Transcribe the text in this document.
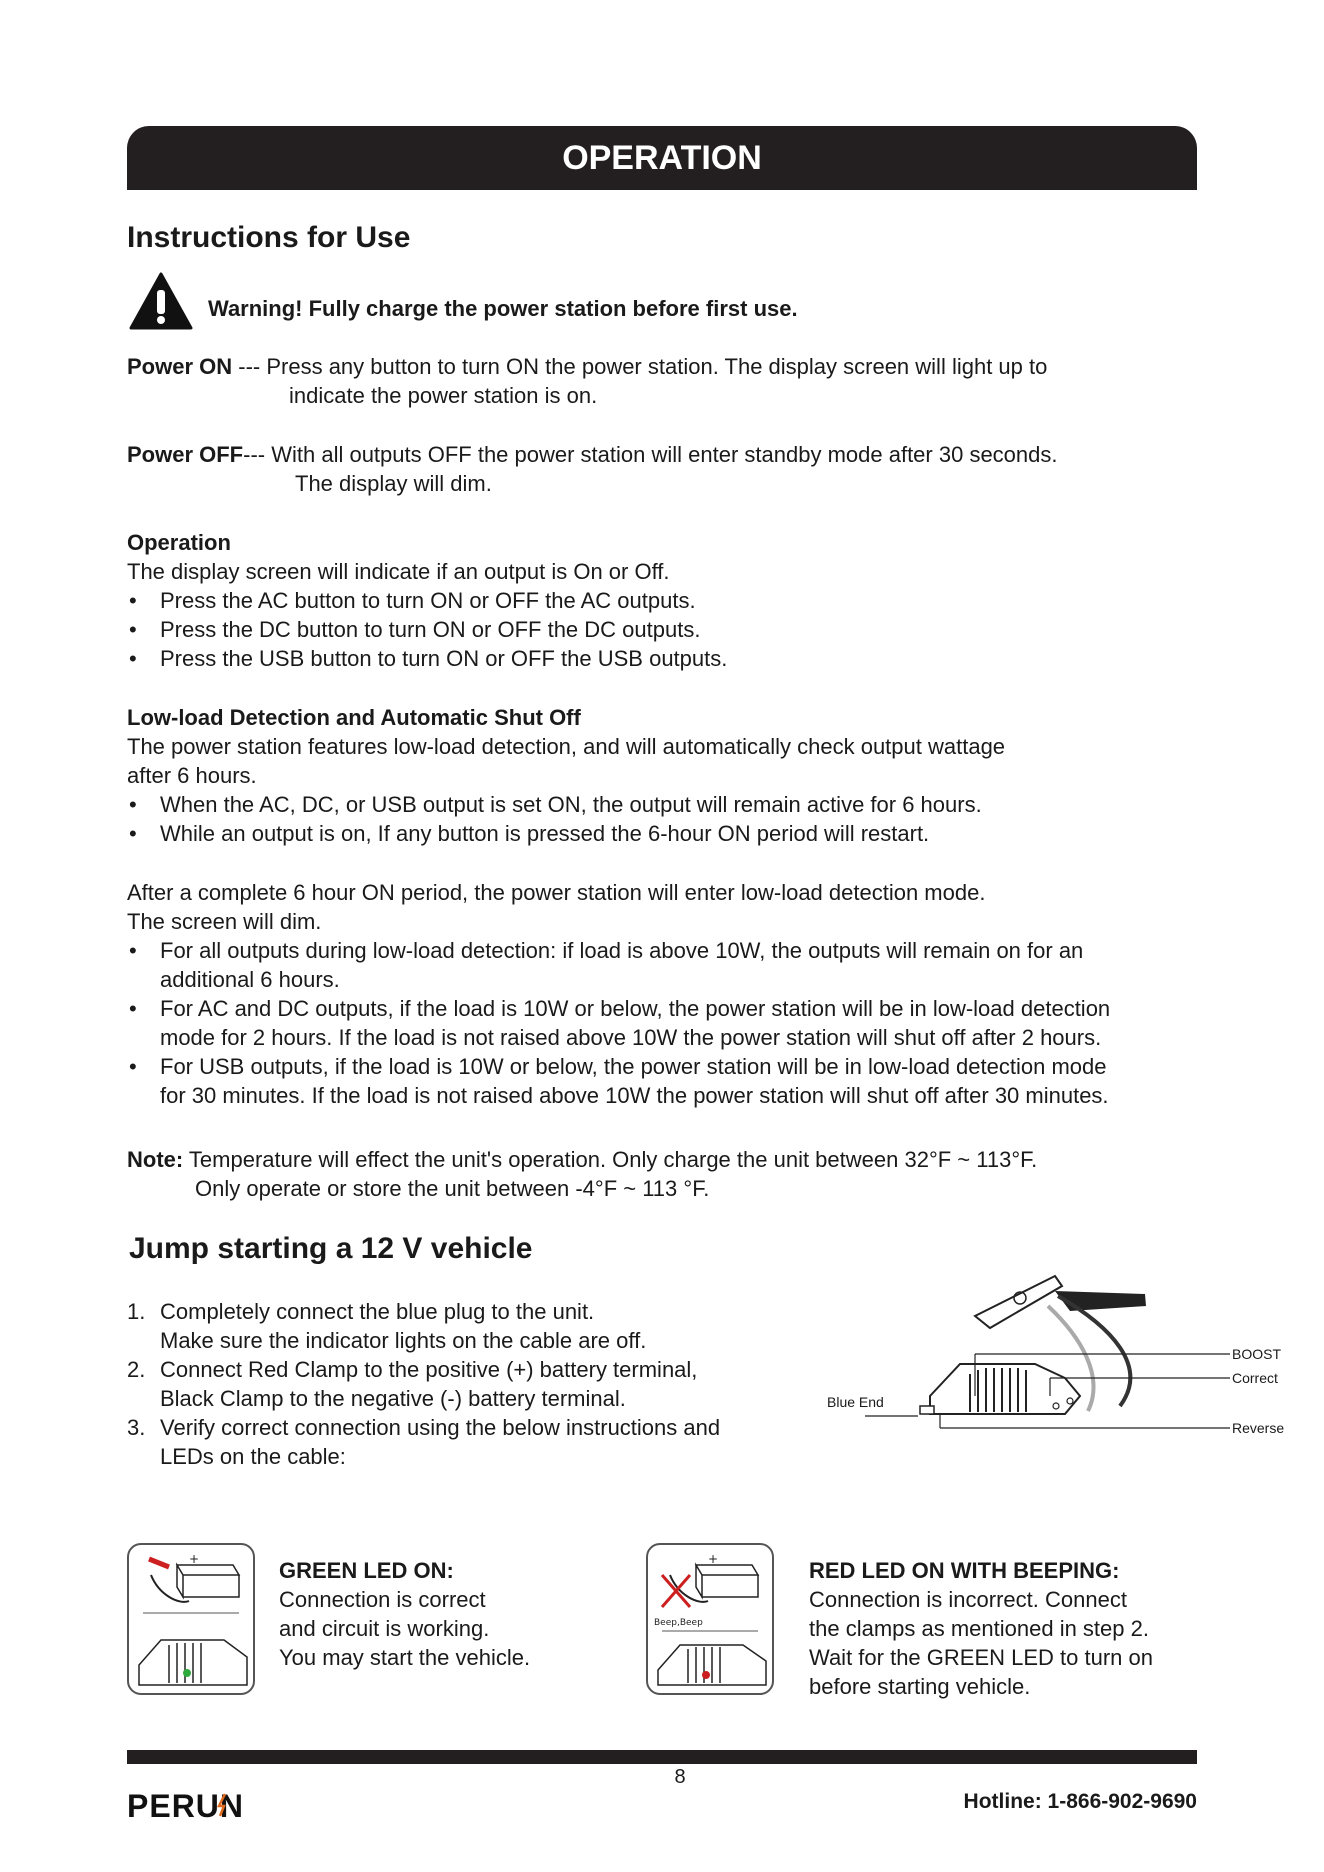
OPERATION
Instructions for Use
Warning! Fully charge the power station before first use.
Power ON --- Press any button to turn ON the power station. The display screen will light up to
indicate the power station is on.
Power OFF--- With all outputs OFF the power station will enter standby mode after 30 seconds.
The display will dim.
Operation
The display screen will indicate if an output is On or Off.
• Press the AC button to turn ON or OFF the AC outputs.
• Press the DC button to turn ON or OFF the DC outputs.
• Press the USB button to turn ON or OFF the USB outputs.
Low-load Detection and Automatic Shut Off
The power station features low-load detection, and will automatically check output wattage
after 6 hours.
• When the AC, DC, or USB output is set ON, the output will remain active for 6 hours.
• While an output is on, If any button is pressed the 6-hour ON period will restart.
After a complete 6 hour ON period, the power station will enter low-load detection mode.
The screen will dim.
• For all outputs during low-load detection: if load is above 10W, the outputs will remain on for an
additional 6 hours.
• For AC and DC outputs, if the load is 10W or below, the power station will be in low-load detection
mode for 2 hours. If the load is not raised above 10W the power station will shut off after 2 hours.
• For USB outputs, if the load is 10W or below, the power station will be in low-load detection mode
for 30 minutes. If the load is not raised above 10W the power station will shut off after 30 minutes.
Note: Temperature will effect the unit's operation. Only charge the unit between 32°F ~ 113°F.
Only operate or store the unit between -4°F ~ 113 °F.
Jump starting a 12 V vehicle
1. Completely connect the blue plug to the unit.
Make sure the indicator lights on the cable are off.
2. Connect Red Clamp to the positive (+) battery terminal,
Black Clamp to the negative (-) battery terminal.
3. Verify correct connection using the below instructions and
LEDs on the cable:
Blue End
BOOST
Correct
Reverse
+	GREEN LED ON:
Connection is correct
and circuit is working.
You may start the vehicle.
+
Beep,Beep
RED LED ON WITH BEEPING:
Connection is incorrect. Connect
the clamps as mentioned in step 2.
Wait for the GREEN LED to turn on
before starting vehicle.
8
PERUN	Hotline: 1-866-902-9690
